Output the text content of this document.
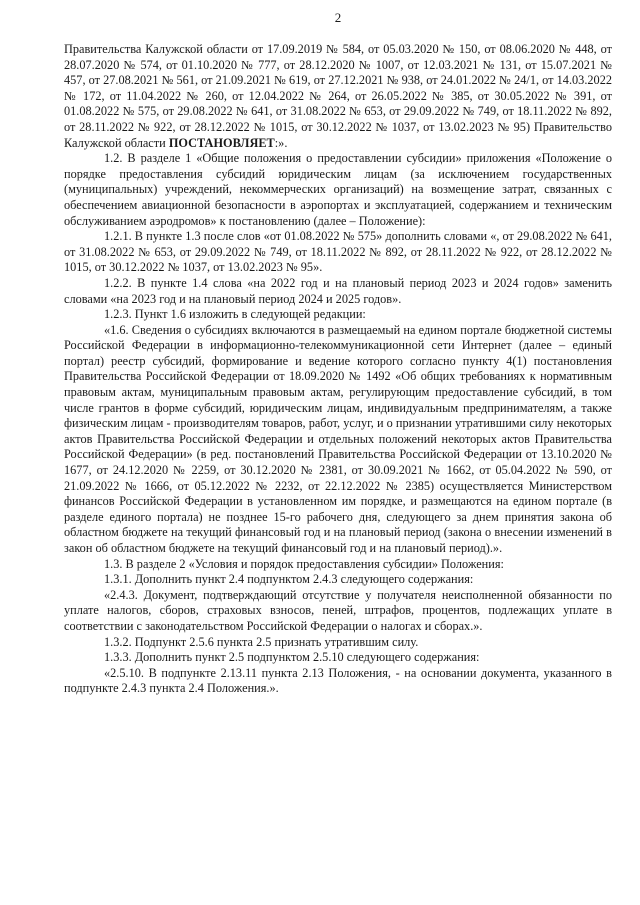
2

Правительства Калужской области от 17.09.2019 № 584, от 05.03.2020 № 150, от 08.06.2020 № 448, от 28.07.2020 № 574, от 01.10.2020 № 777, от 28.12.2020 № 1007, от 12.03.2021 № 131, от 15.07.2021 № 457, от 27.08.2021 № 561, от 21.09.2021 № 619, от 27.12.2021 № 938, от 24.01.2022 № 24/1, от 14.03.2022 № 172, от 11.04.2022 № 260, от 12.04.2022 № 264, от 26.05.2022 № 385, от 30.05.2022 № 391, от 01.08.2022 № 575, от 29.08.2022 № 641, от 31.08.2022 № 653, от 29.09.2022 № 749, от 18.11.2022 № 892, от 28.11.2022 № 922, от 28.12.2022 № 1015, от 30.12.2022 № 1037, от 13.02.2023 № 95) Правительство Калужской области ПОСТАНОВЛЯЕТ:».

1.2. В разделе 1 «Общие положения о предоставлении субсидии» приложения «Положение о порядке предоставления субсидий юридическим лицам (за исключением государственных (муниципальных) учреждений, некоммерческих организаций) на возмещение затрат, связанных с обеспечением авиационной безопасности в аэропортах и эксплуатацией, содержанием и техническим обслуживанием аэродромов» к постановлению (далее – Положение):

1.2.1. В пункте 1.3 после слов «от 01.08.2022 № 575» дополнить словами «, от 29.08.2022 № 641, от 31.08.2022 № 653, от 29.09.2022 № 749, от 18.11.2022 № 892, от 28.11.2022 № 922, от 28.12.2022 № 1015, от 30.12.2022 № 1037, от 13.02.2023 № 95».

1.2.2. В пункте 1.4 слова «на 2022 год и на плановый период 2023 и 2024 годов» заменить словами «на 2023 год и на плановый период 2024 и 2025 годов».

1.2.3. Пункт 1.6 изложить в следующей редакции:

«1.6. Сведения о субсидиях включаются в размещаемый на едином портале бюджетной системы Российской Федерации в информационно-телекоммуникационной сети Интернет (далее – единый портал) реестр субсидий, формирование и ведение которого согласно пункту 4(1) постановления Правительства Российской Федерации от 18.09.2020 № 1492 «Об общих требованиях к нормативным правовым актам, муниципальным правовым актам, регулирующим предоставление субсидий, в том числе грантов в форме субсидий, юридическим лицам, индивидуальным предпринимателям, а также физическим лицам - производителям товаров, работ, услуг, и о признании утратившими силу некоторых актов Правительства Российской Федерации и отдельных положений некоторых актов Правительства Российской Федерации» (в ред. постановлений Правительства Российской Федерации от 13.10.2020 № 1677, от 24.12.2020 № 2259, от 30.12.2020 № 2381, от 30.09.2021 № 1662, от 05.04.2022 № 590, от 21.09.2022 № 1666, от 05.12.2022 № 2232, от 22.12.2022 № 2385) осуществляется Министерством финансов Российской Федерации в установленном им порядке, и размещаются на едином портале (в разделе единого портала) не позднее 15-го рабочего дня, следующего за днем принятия закона об областном бюджете на текущий финансовый год и на плановый период (закона о внесении изменений в закон об областном бюджете на текущий финансовый год и на плановый период).».

1.3. В разделе 2 «Условия и порядок предоставления субсидии» Положения:

1.3.1. Дополнить пункт 2.4 подпунктом 2.4.3 следующего содержания:

«2.4.3. Документ, подтверждающий отсутствие у получателя неисполненной обязанности по уплате налогов, сборов, страховых взносов, пеней, штрафов, процентов, подлежащих уплате в соответствии с законодательством Российской Федерации о налогах и сборах.».

1.3.2. Подпункт 2.5.6 пункта 2.5 признать утратившим силу.

1.3.3. Дополнить пункт 2.5 подпунктом 2.5.10 следующего содержания:

«2.5.10. В подпункте 2.13.11 пункта 2.13 Положения, - на основании документа, указанного в подпункте 2.4.3 пункта 2.4 Положения.».
